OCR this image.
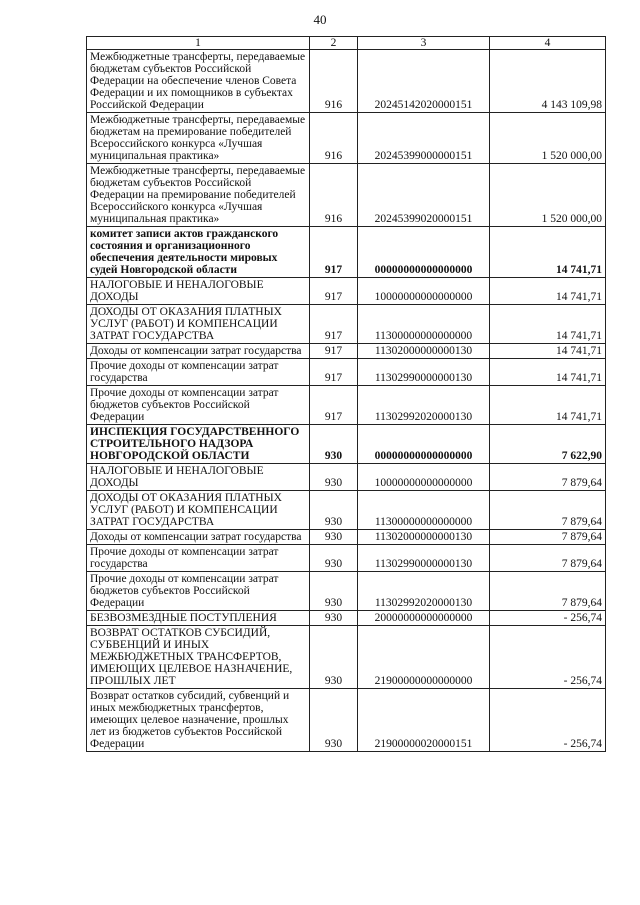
40
1	2	3	4
Межбюджетные трансферты, передаваемые бюджетам субъектов Российской Федерации на обеспечение членов Совета Федерации и их помощников в субъектах Российской Федерации	916	20245142020000151	4 143 109,98
Межбюджетные трансферты, передаваемые бюджетам на премирование победителей Всероссийского конкурса «Лучшая муниципальная практика»	916	20245399000000151	1 520 000,00
Межбюджетные трансферты, передаваемые бюджетам субъектов Российской Федерации на премирование победителей Всероссийского конкурса «Лучшая муниципальная практика»	916	20245399020000151	1 520 000,00
комитет записи актов гражданского состояния и организационного обеспечения деятельности мировых судей Новгородской области	917	00000000000000000	14 741,71
НАЛОГОВЫЕ И НЕНАЛОГОВЫЕ ДОХОДЫ	917	10000000000000000	14 741,71
ДОХОДЫ ОТ ОКАЗАНИЯ ПЛАТНЫХ УСЛУГ (РАБОТ) И КОМПЕНСАЦИИ ЗАТРАТ ГОСУДАРСТВА	917	11300000000000000	14 741,71
Доходы от компенсации затрат государства	917	11302000000000130	14 741,71
Прочие доходы от компенсации затрат государства	917	11302990000000130	14 741,71
Прочие доходы от компенсации затрат бюджетов субъектов Российской Федерации	917	11302992020000130	14 741,71
ИНСПЕКЦИЯ ГОСУДАРСТВЕННОГО СТРОИТЕЛЬНОГО НАДЗОРА НОВГОРОДСКОЙ ОБЛАСТИ	930	00000000000000000	7 622,90
НАЛОГОВЫЕ И НЕНАЛОГОВЫЕ ДОХОДЫ	930	10000000000000000	7 879,64
ДОХОДЫ ОТ ОКАЗАНИЯ ПЛАТНЫХ УСЛУГ (РАБОТ) И КОМПЕНСАЦИИ ЗАТРАТ ГОСУДАРСТВА	930	11300000000000000	7 879,64
Доходы от компенсации затрат государства	930	11302000000000130	7 879,64
Прочие доходы от компенсации затрат государства	930	11302990000000130	7 879,64
Прочие доходы от компенсации затрат бюджетов субъектов Российской Федерации	930	11302992020000130	7 879,64
БЕЗВОЗМЕЗДНЫЕ ПОСТУПЛЕНИЯ	930	20000000000000000	- 256,74
ВОЗВРАТ ОСТАТКОВ СУБСИДИЙ, СУБВЕНЦИЙ И ИНЫХ МЕЖБЮДЖЕТНЫХ ТРАНСФЕРТОВ, ИМЕЮЩИХ ЦЕЛЕВОЕ НАЗНАЧЕНИЕ, ПРОШЛЫХ ЛЕТ	930	21900000000000000	- 256,74
Возврат остатков субсидий, субвенций и иных межбюджетных трансфертов, имеющих целевое назначение, прошлых лет из бюджетов субъектов Российской Федерации	930	21900000020000151	- 256,74
